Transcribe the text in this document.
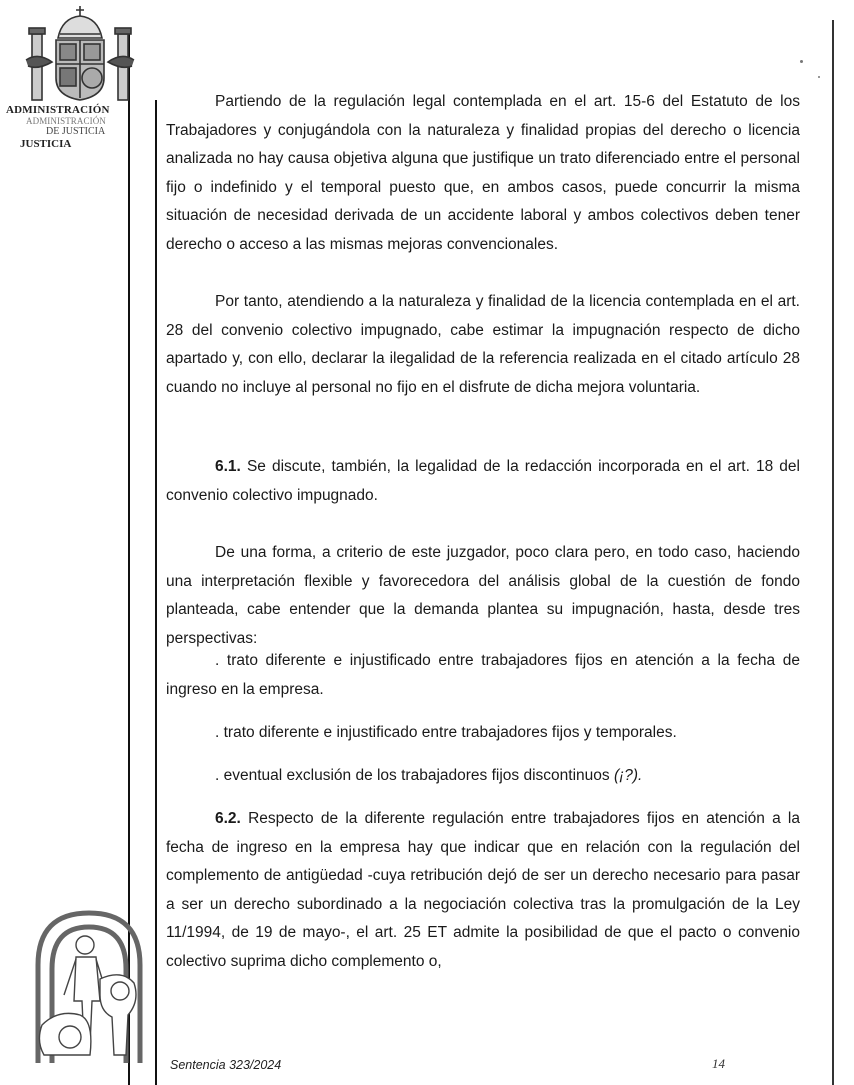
ADMINISTRACIÓN
ADMINISTRACIÓN
DE JUSTICIA
JUSTICIA

Partiendo de la regulación legal contemplada en el art. 15-6 del Estatuto de los Trabajadores y conjugándola con la naturaleza y finalidad propias del derecho o licencia analizada no hay causa objetiva alguna que justifique un trato diferenciado entre el personal fijo o indefinido y el temporal puesto que, en ambos casos, puede concurrir la misma situación de necesidad derivada de un accidente laboral y ambos colectivos deben tener derecho o acceso a las mismas mejoras convencionales.

Por tanto, atendiendo a la naturaleza y finalidad de la licencia contemplada en el art. 28 del convenio colectivo impugnado, cabe estimar la impugnación respecto de dicho apartado y, con ello, declarar la ilegalidad de la referencia realizada en el citado artículo 28 cuando no incluye al personal no fijo en el disfrute de dicha mejora voluntaria.

6.1. Se discute, también, la legalidad de la redacción incorporada en el art. 18 del convenio colectivo impugnado.

De una forma, a criterio de este juzgador, poco clara pero, en todo caso, haciendo una interpretación flexible y favorecedora del análisis global de la cuestión de fondo planteada, cabe entender que la demanda plantea su impugnación, hasta, desde tres perspectivas:

. trato diferente e injustificado entre trabajadores fijos en atención a la fecha de ingreso en la empresa.

. trato diferente e injustificado entre trabajadores fijos y temporales.

. eventual exclusión de los trabajadores fijos discontinuos (¡?).

6.2. Respecto de la diferente regulación entre trabajadores fijos en atención a la fecha de ingreso en la empresa hay que indicar que en relación con la regulación del complemento de antigüedad -cuya retribución dejó de ser un derecho necesario para pasar a ser un derecho subordinado a la negociación colectiva tras la promulgación de la Ley 11/1994, de 19 de mayo-, el art. 25 ET admite la posibilidad de que el pacto o convenio colectivo suprima dicho complemento o,

Sentencia 323/2024	14
